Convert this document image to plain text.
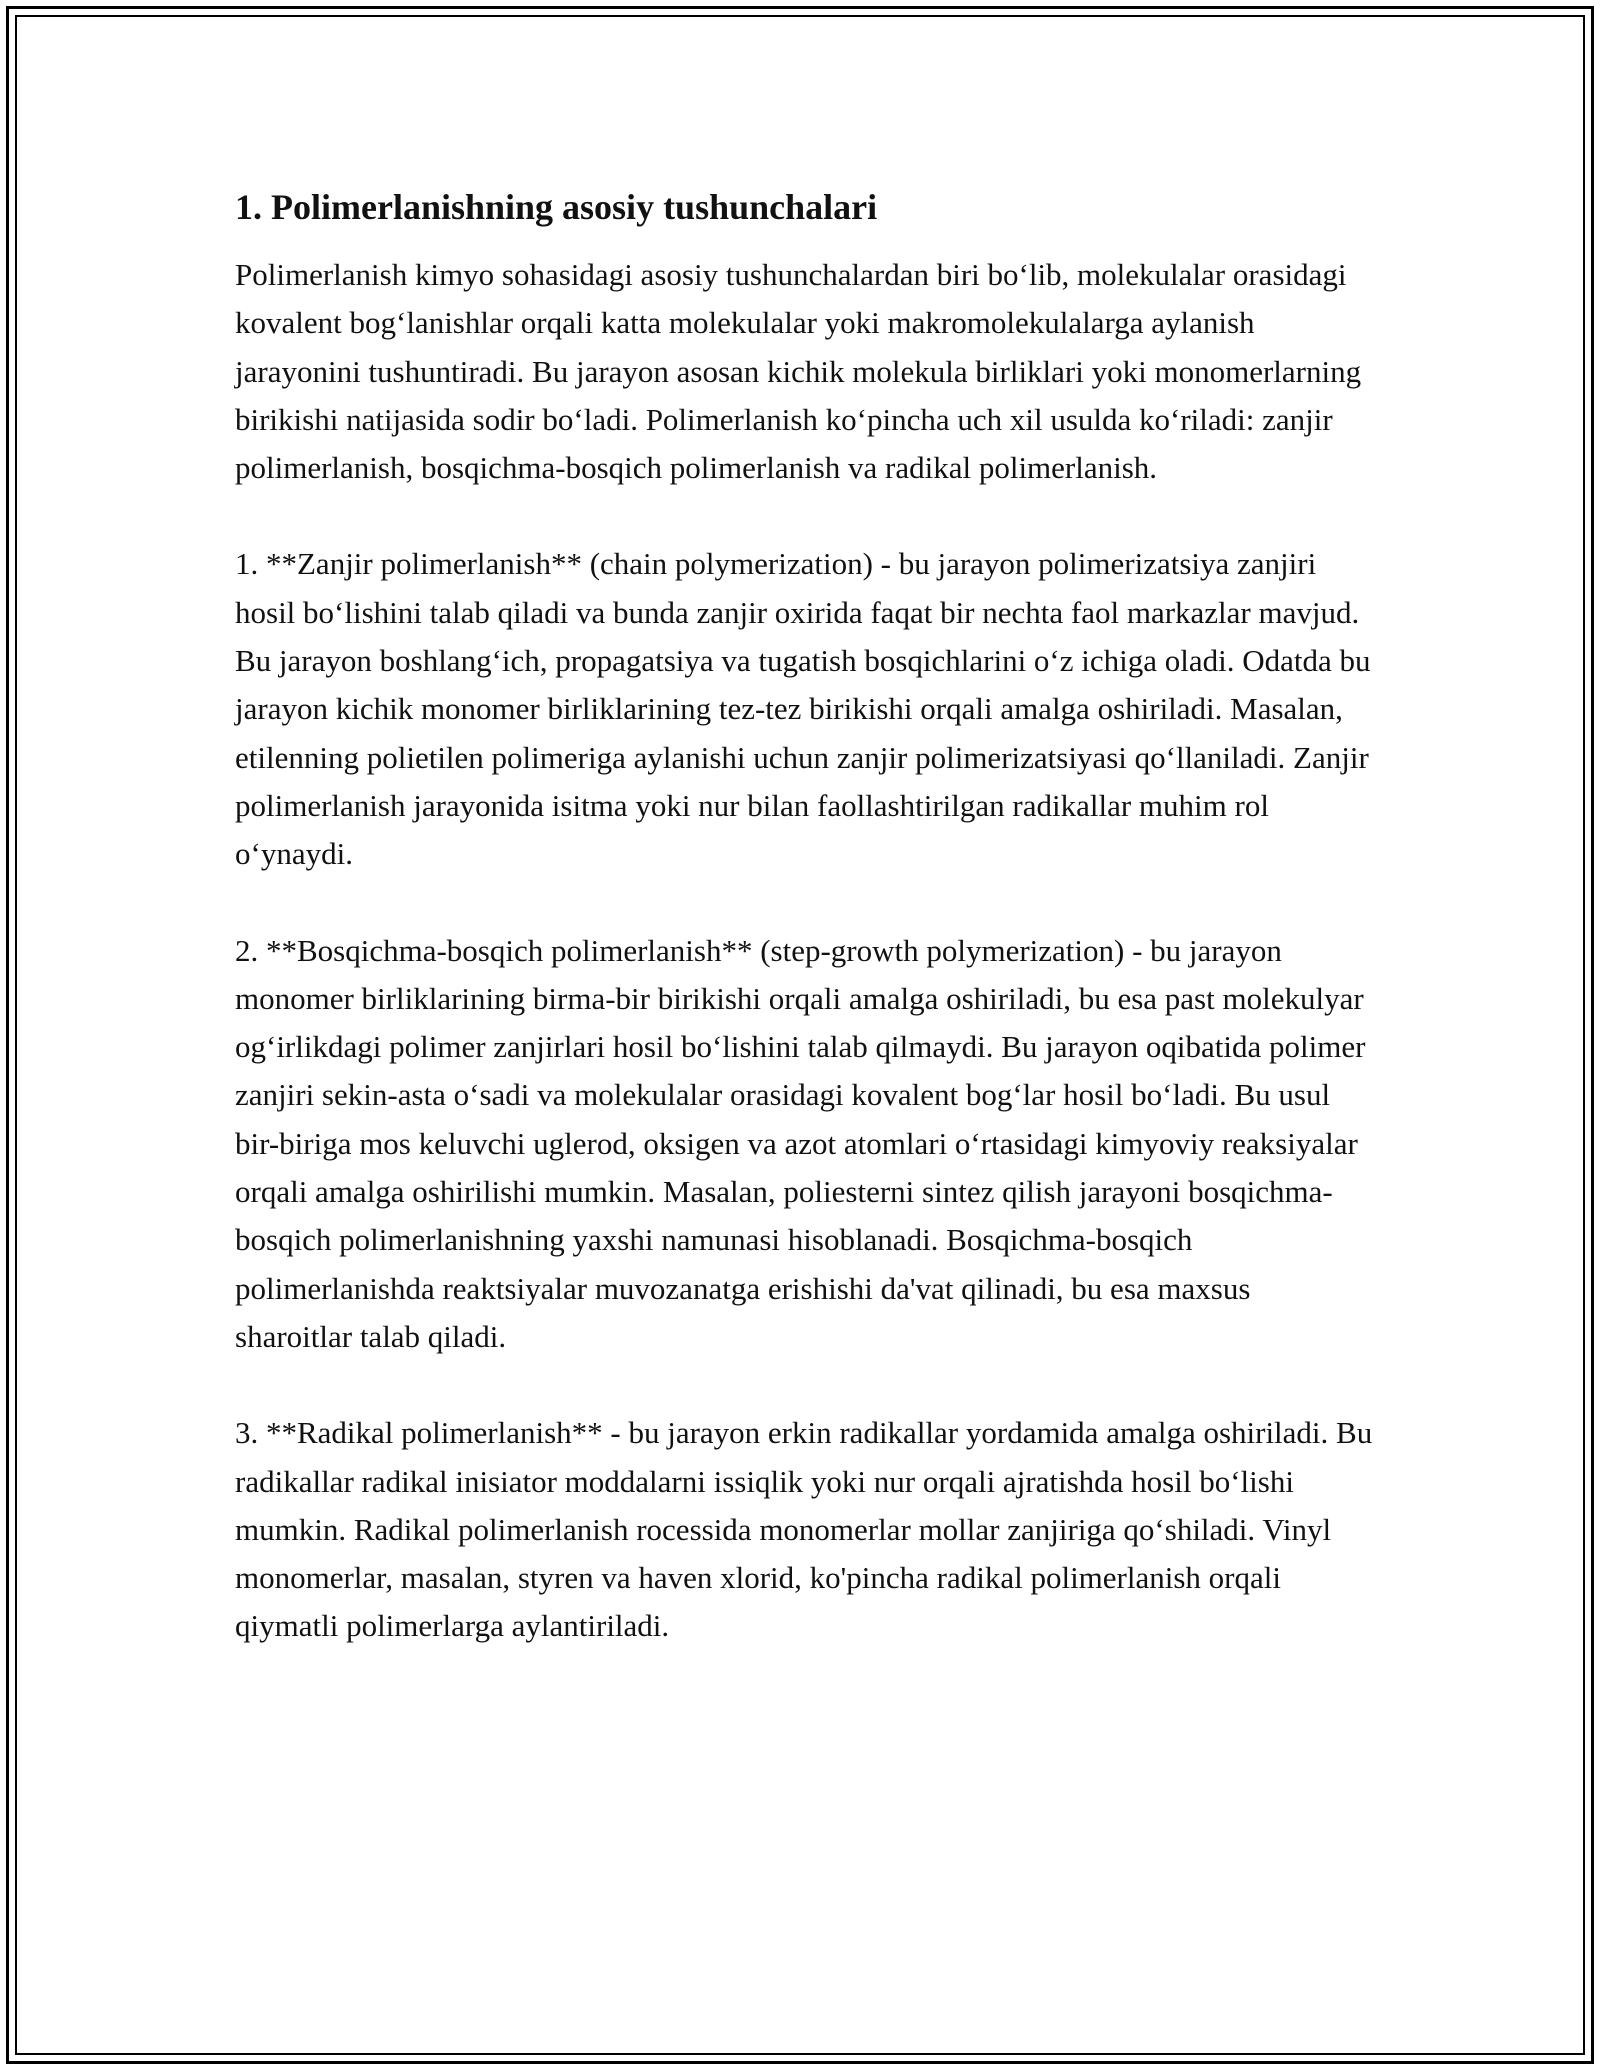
1. Polimerlanishning asosiy tushunchalari

Polimerlanish kimyo sohasidagi asosiy tushunchalardan biri bo‘lib, molekulalar orasidagi kovalent bog‘lanishlar orqali katta molekulalar yoki makromolekulalarga aylanish jarayonini tushuntiradi. Bu jarayon asosan kichik molekula birliklari yoki monomerlarning birikishi natijasida sodir bo‘ladi. Polimerlanish ko‘pincha uch xil usulda ko‘riladi: zanjir polimerlanish, bosqichma-bosqich polimerlanish va radikal polimerlanish.

1. **Zanjir polimerlanish** (chain polymerization) - bu jarayon polimerizatsiya zanjiri hosil bo‘lishini talab qiladi va bunda zanjir oxirida faqat bir nechta faol markazlar mavjud. Bu jarayon boshlang‘ich, propagatsiya va tugatish bosqichlarini o‘z ichiga oladi. Odatda bu jarayon kichik monomer birliklarining tez-tez birikishi orqali amalga oshiriladi. Masalan, etilenning polietilen polimeriga aylanishi uchun zanjir polimerizatsiyasi qo‘llaniladi. Zanjir polimerlanish jarayonida isitma yoki nur bilan faollashtirilgan radikallar muhim rol o‘ynaydi.

2. **Bosqichma-bosqich polimerlanish** (step-growth polymerization) - bu jarayon monomer birliklarining birma-bir birikishi orqali amalga oshiriladi, bu esa past molekulyar og‘irlikdagi polimer zanjirlari hosil bo‘lishini talab qilmaydi. Bu jarayon oqibatida polimer zanjiri sekin-asta o‘sadi va molekulalar orasidagi kovalent bog‘lar hosil bo‘ladi. Bu usul bir-biriga mos keluvchi uglerod, oksigen va azot atomlari o‘rtasidagi kimyoviy reaksiyalar orqali amalga oshirilishi mumkin. Masalan, poliesterni sintez qilish jarayoni bosqichma-bosqich polimerlanishning yaxshi namunasi hisoblanadi. Bosqichma-bosqich polimerlanishda reaktsiyalar muvozanatga erishishi da'vat qilinadi, bu esa maxsus sharoitlar talab qiladi.

3. **Radikal polimerlanish** - bu jarayon erkin radikallar yordamida amalga oshiriladi. Bu radikallar radikal inisiator moddalarni issiqlik yoki nur orqali ajratishda hosil bo‘lishi mumkin. Radikal polimerlanish rocessida monomerlar mollar zanjiriga qo‘shiladi. Vinyl monomerlar, masalan, styren va haven xlorid, ko'pincha radikal polimerlanish orqali qiymatli polimerlarga aylantiriladi.
